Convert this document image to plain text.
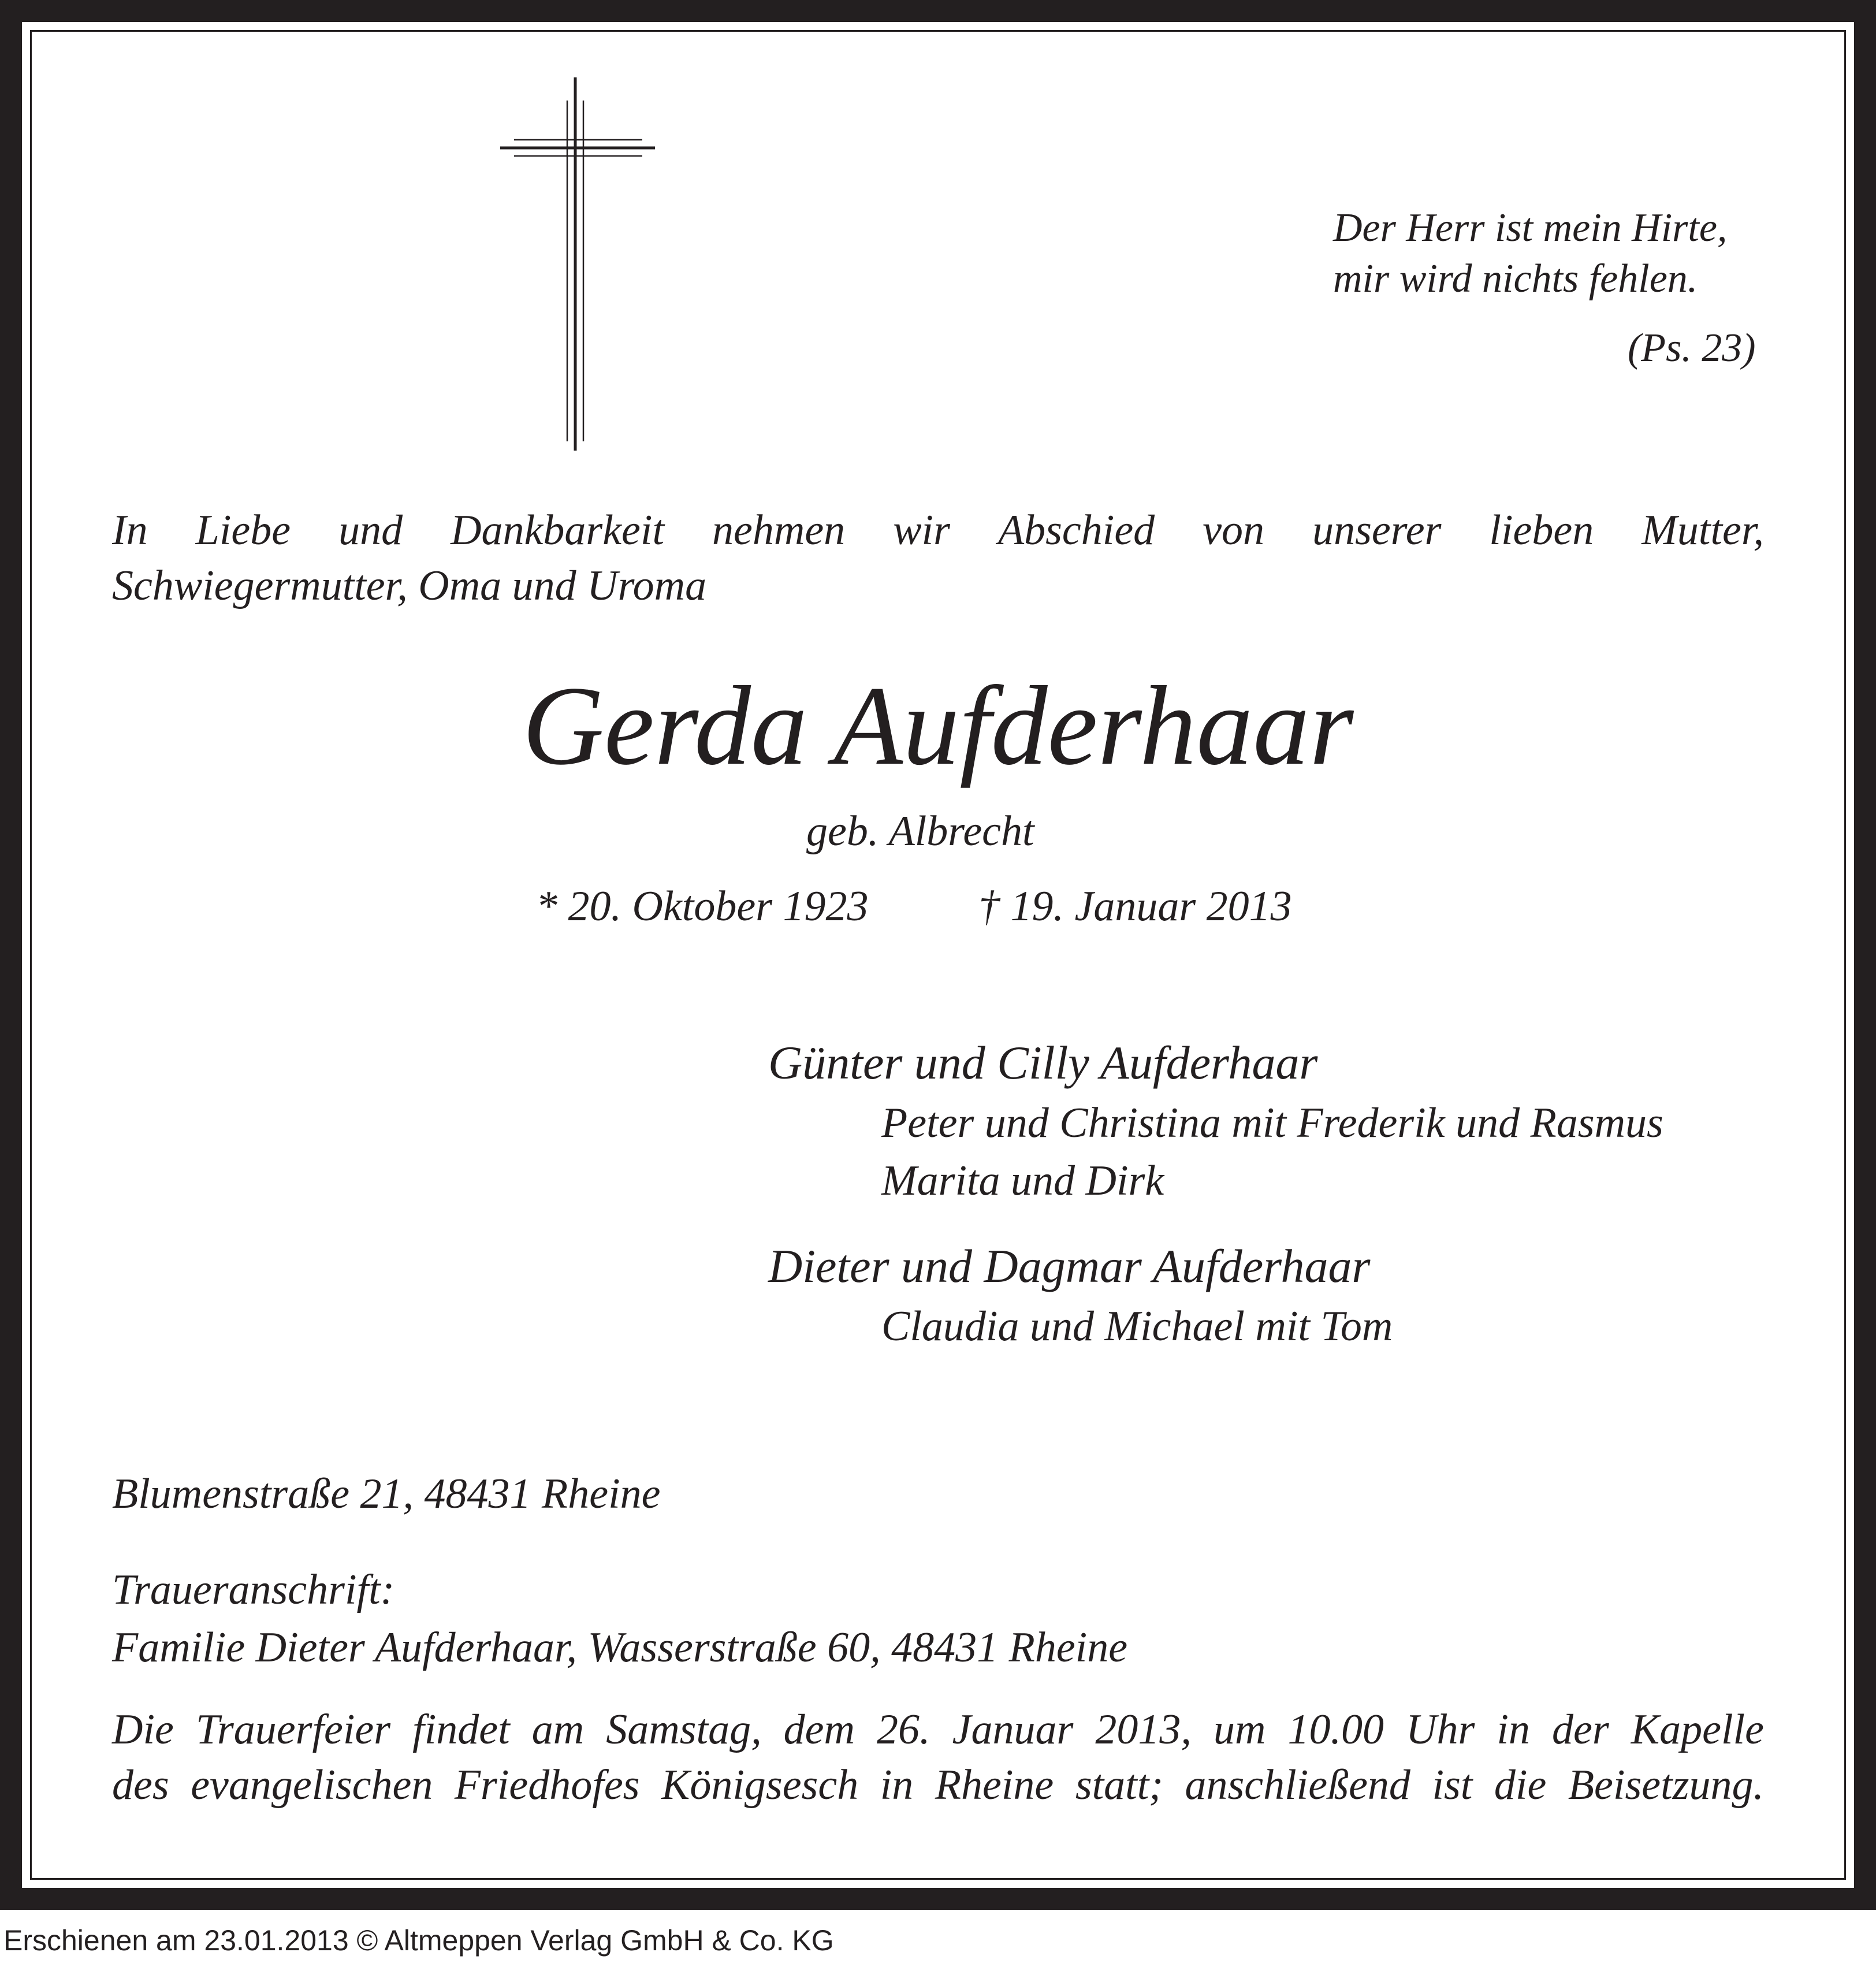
Der Herr ist mein Hirte,
mir wird nichts fehlen.
(Ps. 23)
In Liebe und Dankbarkeit nehmen wir Abschied von unserer lieben Mutter,
Schwiegermutter, Oma und Uroma
Gerda Aufderhaar
geb. Albrecht
* 20. Oktober 1923	† 19. Januar 2013
Günter und Cilly Aufderhaar
Peter und Christina mit Frederik und Rasmus
Marita und Dirk
Dieter und Dagmar Aufderhaar
Claudia und Michael mit Tom
Blumenstraße 21, 48431 Rheine
Traueranschrift:
Familie Dieter Aufderhaar, Wasserstraße 60, 48431 Rheine
Die Trauerfeier findet am Samstag, dem 26. Januar 2013, um 10.00 Uhr in der Kapelle
des evangelischen Friedhofes Königsesch in Rheine statt; anschließend ist die Beisetzung.
Erschienen am 23.01.2013 © Altmeppen Verlag GmbH & Co. KG
